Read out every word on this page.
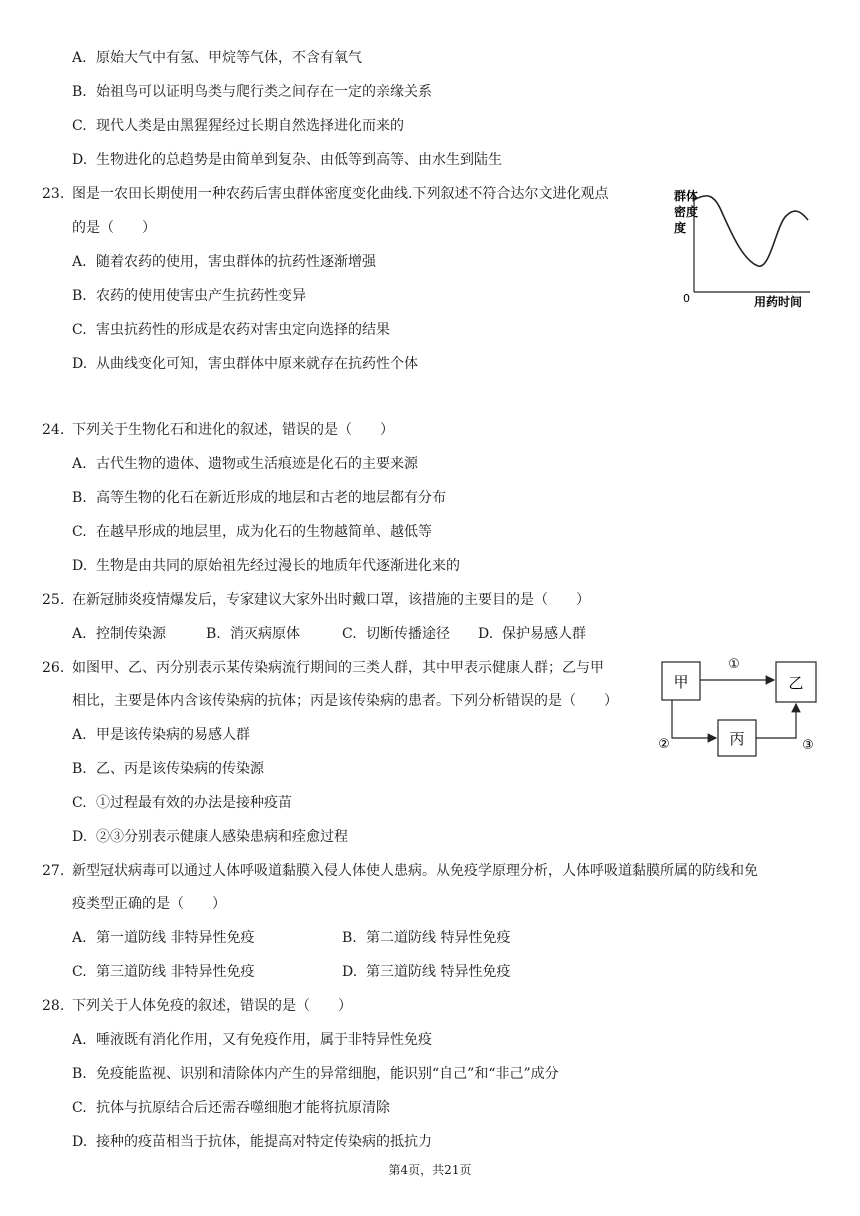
A. 原始大气中有氢、甲烷等气体，不含有氧气
B. 始祖鸟可以证明鸟类与爬行类之间存在一定的亲缘关系
C. 现代人类是由黑猩猩经过长期自然选择进化而来的
D. 生物进化的总趋势是由简单到复杂、由低等到高等、由水生到陆生
23. 图是一农田长期使用一种农药后害虫群体密度变化曲线.下列叙述不符合达尔文进化观点
的是（　　）
A. 随着农药的使用，害虫群体的抗药性逐渐增强
B. 农药的使用使害虫产生抗药性变异
C. 害虫抗药性的形成是农药对害虫定向选择的结果
D. 从曲线变化可知，害虫群体中原来就存在抗药性个体
群体
密度
度
0	用药时间
24. 下列关于生物化石和进化的叙述，错误的是（　　）
A. 古代生物的遗体、遗物或生活痕迹是化石的主要来源
B. 高等生物的化石在新近形成的地层和古老的地层都有分布
C. 在越早形成的地层里，成为化石的生物越简单、越低等
D. 生物是由共同的原始祖先经过漫长的地质年代逐渐进化来的
25. 在新冠肺炎疫情爆发后，专家建议大家外出时戴口罩，该措施的主要目的是（　　）
A. 控制传染源	B. 消灭病原体	C. 切断传播途径 D. 保护易感人群
26. 如图甲、乙、丙分别表示某传染病流行期间的三类人群，其中甲表示健康人群；乙与甲
相比，主要是体内含该传染病的抗体；丙是该传染病的患者。下列分析错误的是（　　）
A. 甲是该传染病的易感人群
B. 乙、丙是该传染病的传染源
C. ①过程最有效的办法是接种疫苗
D. ②③分别表示健康人感染患病和痊愈过程
甲	乙
丙
①
②	③
27. 新型冠状病毒可以通过人体呼吸道黏膜入侵人体使人患病。从免疫学原理分析，人体呼吸道黏膜所属的防线和免
疫类型正确的是（　　）
A. 第一道防线 非特异性免疫	B. 第二道防线 特异性免疫
C. 第三道防线 非特异性免疫	D. 第三道防线 特异性免疫
28. 下列关于人体免疫的叙述，错误的是（　　）
A. 唾液既有消化作用，又有免疫作用，属于非特异性免疫
B. 免疫能监视、识别和清除体内产生的异常细胞，能识别“自己”和“非己”成分
C. 抗体与抗原结合后还需吞噬细胞才能将抗原清除
D. 接种的疫苗相当于抗体，能提高对特定传染病的抵抗力
第4页，共21页
